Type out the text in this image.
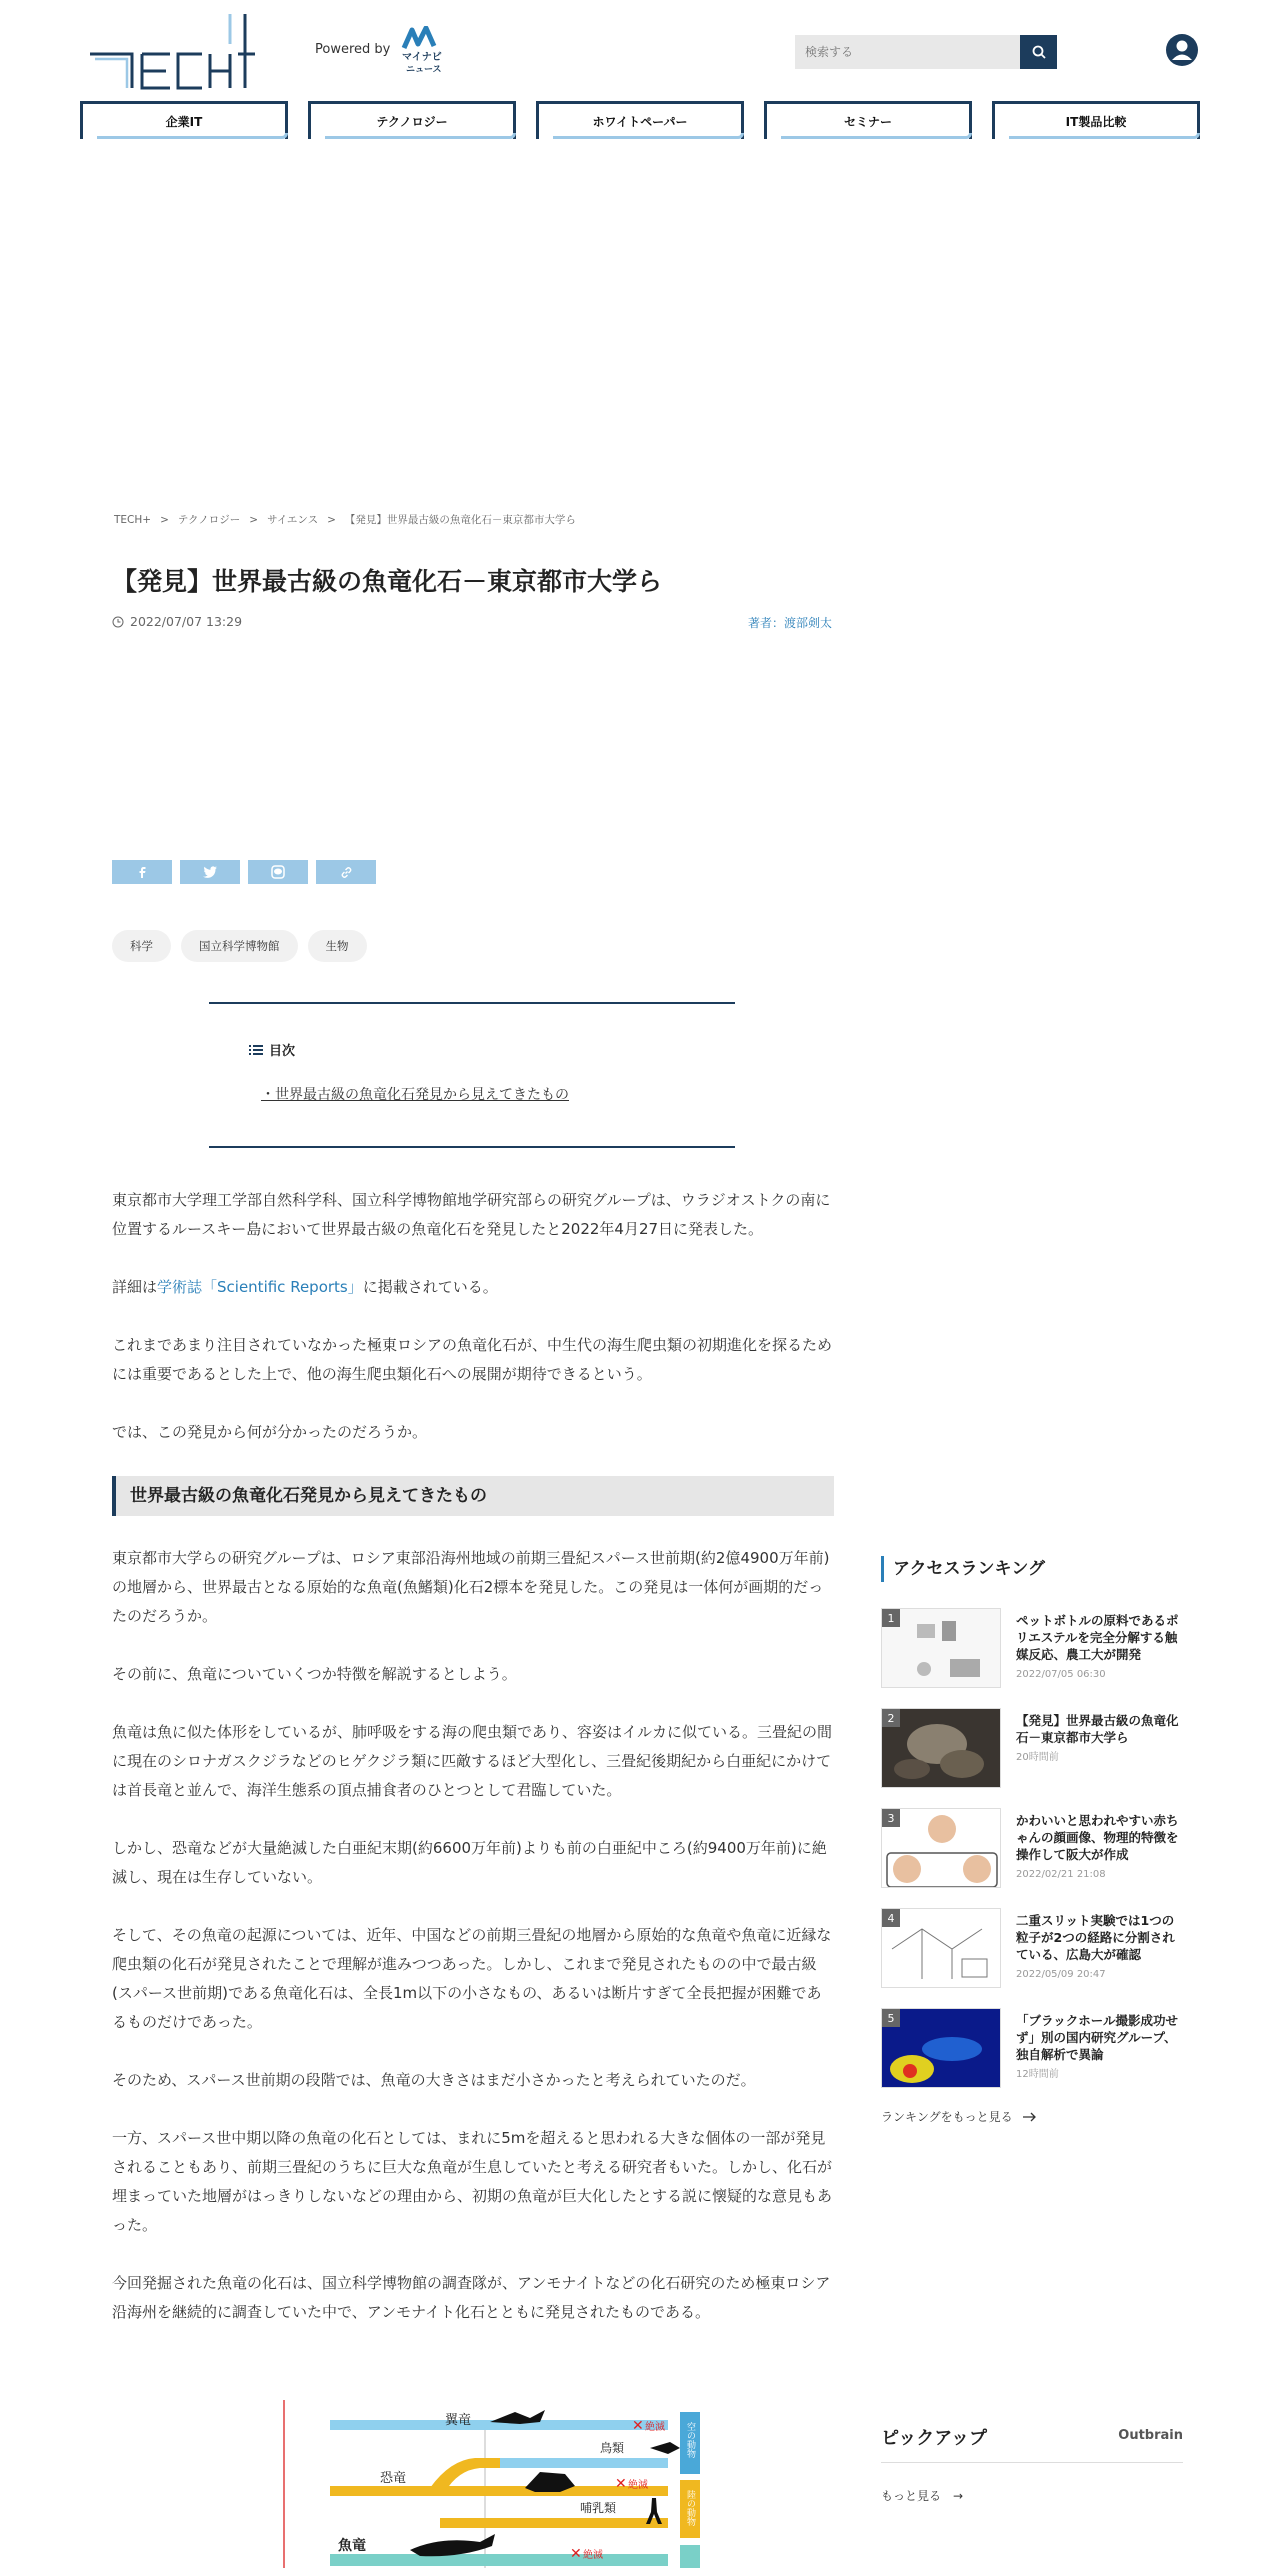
Powered by
マイナビ
ニュース
検索する
企業IT	テクノロジー	ホワイトペーパー	セミナー	IT製品比較
TECH+ > テクノロジー > サイエンス > 【発見】世界最古級の魚竜化石－東京都市大学ら
【発見】世界最古級の魚竜化石－東京都市大学ら
2022/07/07 13:29	著者：渡部剣太
科学	国立科学博物館	生物
目次
・世界最古級の魚竜化石発見から見えてきたもの

東京都市大学理工学部自然科学科、国立科学博物館地学研究部らの研究グループは、ウラジオストクの南に位置するルースキー島において世界最古級の魚竜化石を発見したと2022年4月27日に発表した。

詳細は学術誌「Scientific Reports」に掲載されている。

これまであまり注目されていなかった極東ロシアの魚竜化石が、中生代の海生爬虫類の初期進化を探るためには重要であるとした上で、他の海生爬虫類化石への展開が期待できるという。

では、この発見から何が分かったのだろうか。

世界最古級の魚竜化石発見から見えてきたもの

東京都市大学らの研究グループは、ロシア東部沿海州地域の前期三畳紀スパース世前期(約2億4900万年前)の地層から、世界最古となる原始的な魚竜(魚鰭類)化石2標本を発見した。この発見は一体何が画期的だったのだろうか。

その前に、魚竜についていくつか特徴を解説するとしよう。

魚竜は魚に似た体形をしているが、肺呼吸をする海の爬虫類であり、容姿はイルカに似ている。三畳紀の間に現在のシロナガスクジラなどのヒゲクジラ類に匹敵するほど大型化し、三畳紀後期紀から白亜紀にかけては首長竜と並んで、海洋生態系の頂点捕食者のひとつとして君臨していた。

しかし、恐竜などが大量絶滅した白亜紀末期(約6600万年前)よりも前の白亜紀中ころ(約9400万年前)に絶滅し、現在は生存していない。

そして、その魚竜の起源については、近年、中国などの前期三畳紀の地層から原始的な魚竜や魚竜に近縁な爬虫類の化石が発見されたことで理解が進みつつあった。しかし、これまで発見されたものの中で最古級(スパース世前期)である魚竜化石は、全長1m以下の小さなもの、あるいは断片すぎて全長把握が困難であるものだけであった。

そのため、スパース世前期の段階では、魚竜の大きさはまだ小さかったと考えられていたのだ。

一方、スパース世中期以降の魚竜の化石としては、まれに5mを超えると思われる大きな個体の一部が発見されることもあり、前期三畳紀のうちに巨大な魚竜が生息していたと考える研究者もいた。しかし、化石が埋まっていた地層がはっきりしないなどの理由から、初期の魚竜が巨大化したとする説に懐疑的な意見もあった。

今回発掘された魚竜の化石は、国立科学博物館の調査隊が、アンモナイトなどの化石研究のため極東ロシア沿海州を継続的に調査していた中で、アンモナイト化石とともに発見されたものである。

翼竜	✕ 絶滅
鳥類
恐竜	✕ 絶滅
哺乳類
魚竜	✕ 絶滅
空の動物
陸の動物
アクセスランキング
1	ペットボトルの原料であるポリエステルを完全分解する触媒反応、農工大が開発
2022/07/05 06:30
2	【発見】世界最古級の魚竜化石－東京都市大学ら
20時間前
3	かわいいと思われやすい赤ちゃんの顔画像、物理的特徴を操作して阪大が作成
2022/02/21 21:08
4	二重スリット実験では1つの粒子が2つの経路に分割されている、広島大が確認
2022/05/09 20:47
5	「ブラックホール撮影成功せず」別の国内研究グループ、独自解析で異論
12時間前
ランキングをもっと見る
ピックアップ	Outbrain
もっと見る　→
